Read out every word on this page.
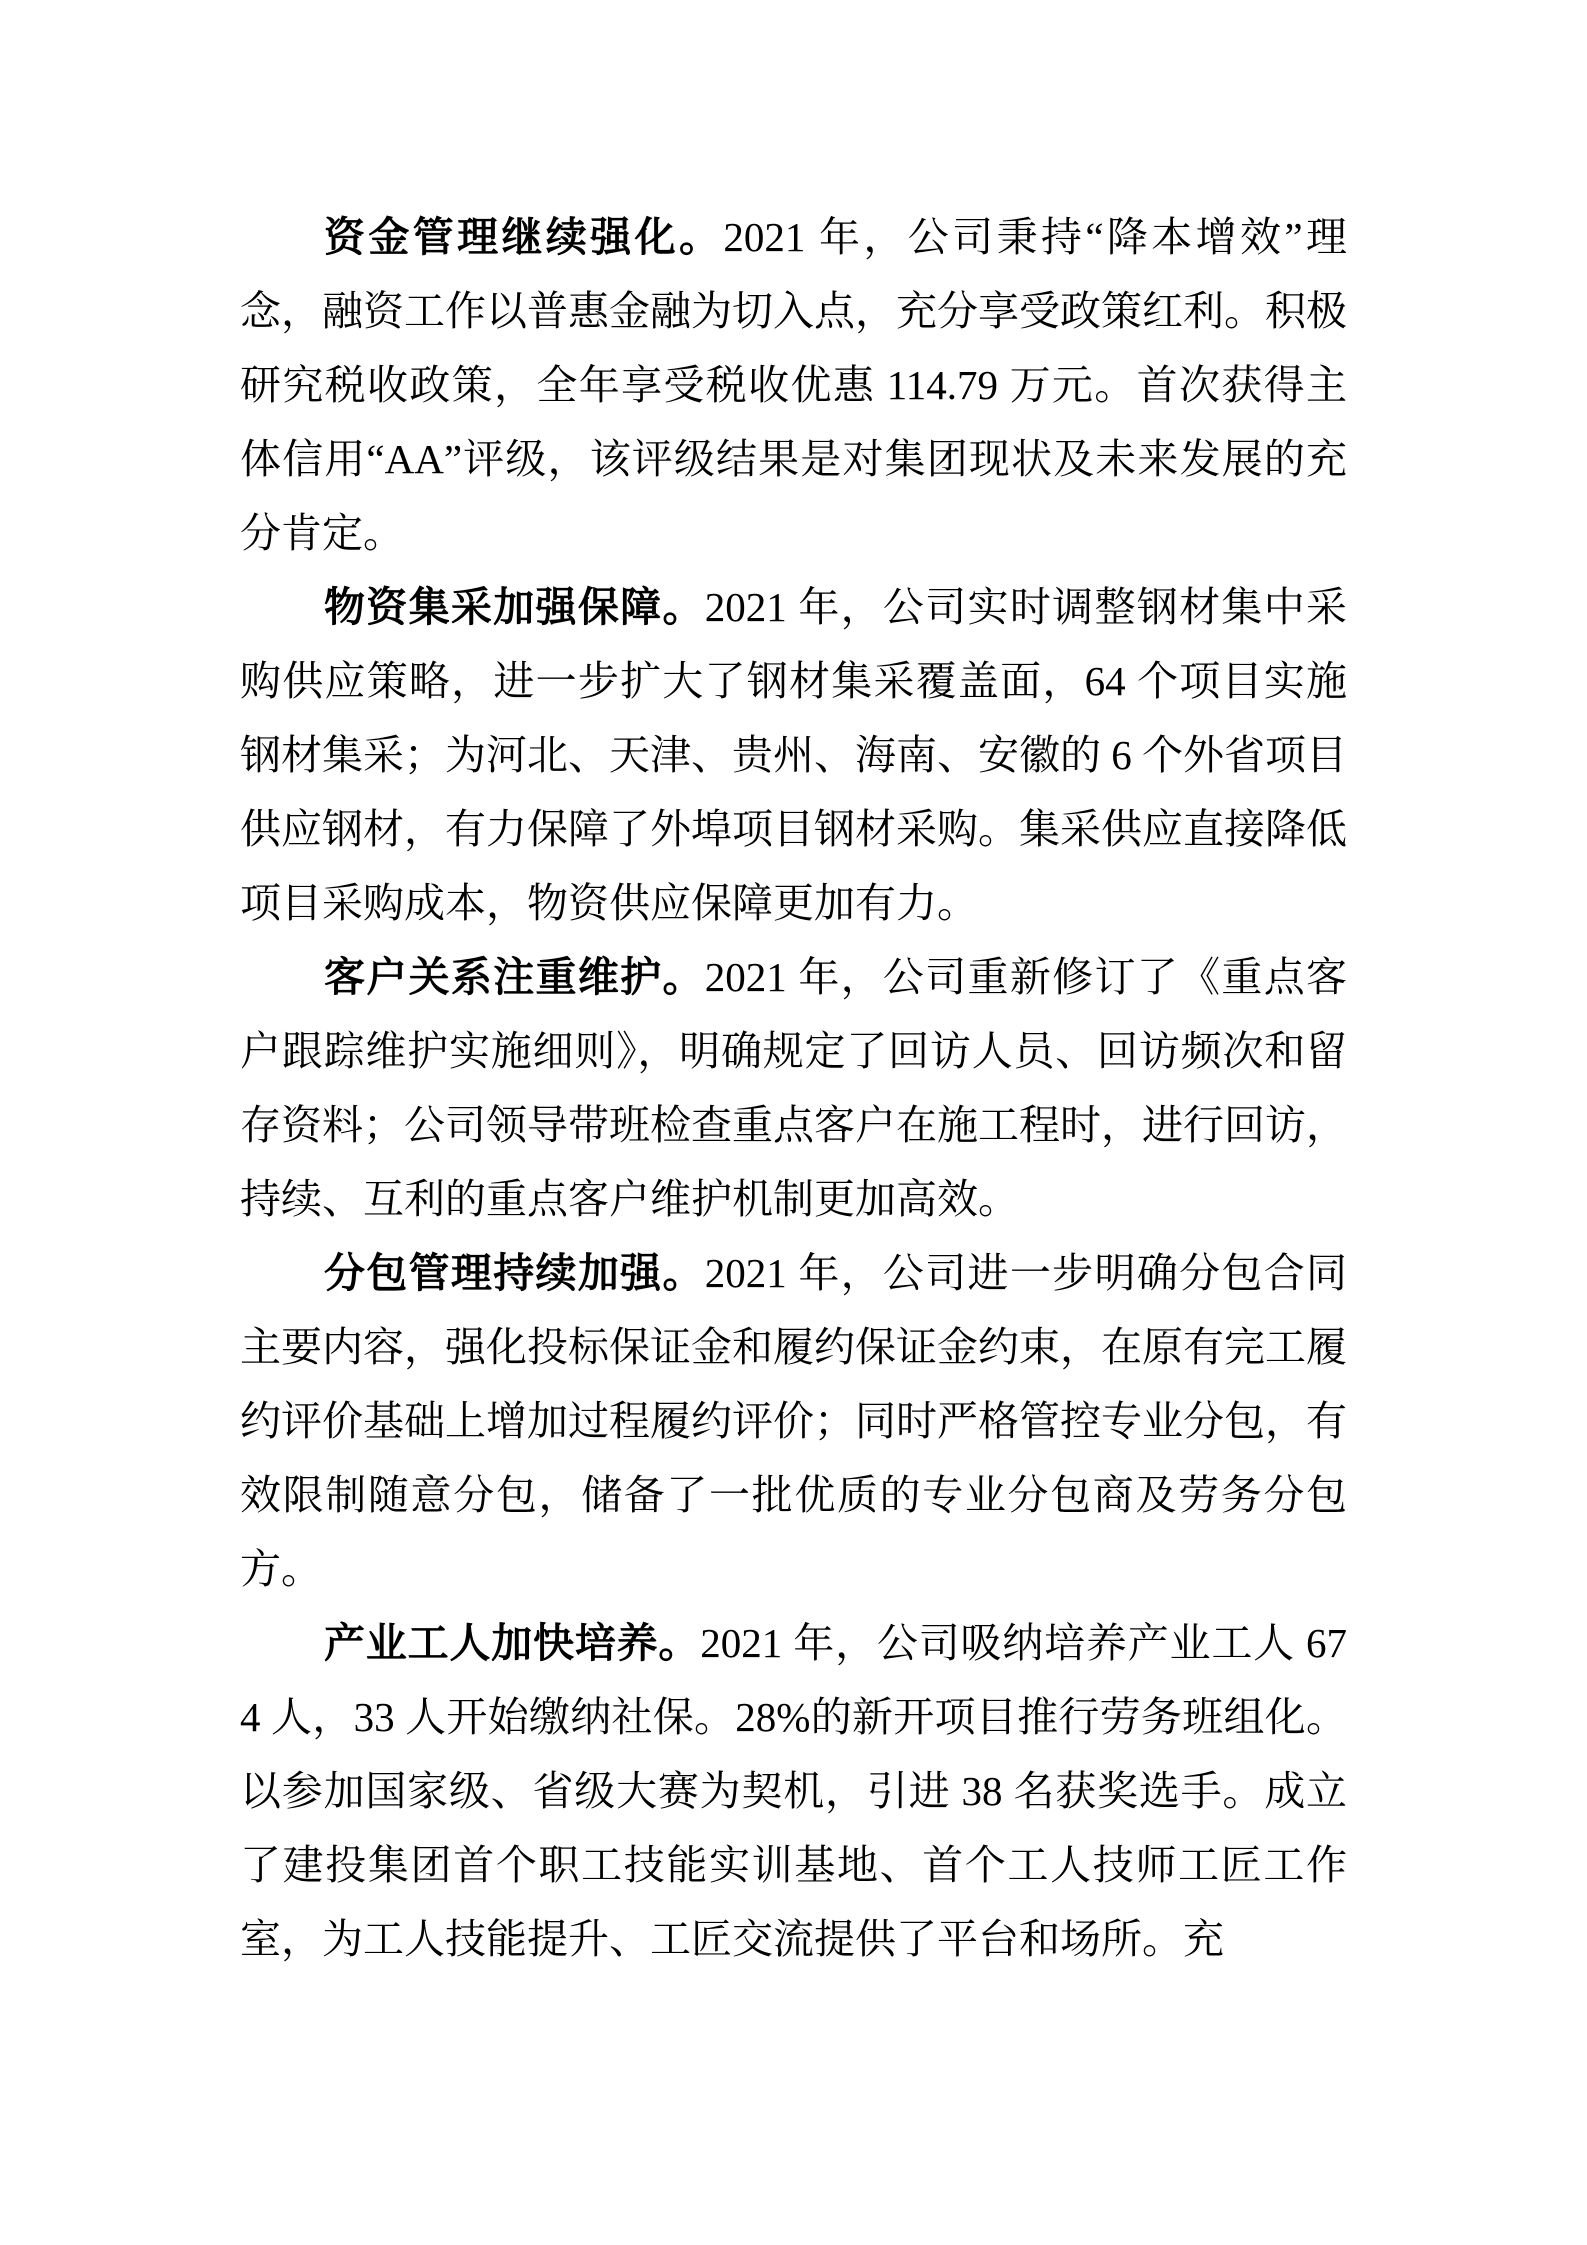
资金管理继续强化。2021 年，公司秉持“降本增效”理念，融资工作以普惠金融为切入点，充分享受政策红利。积极研究税收政策，全年享受税收优惠 114.79 万元。首次获得主体信用“AA”评级，该评级结果是对集团现状及未来发展的充分肯定。

物资集采加强保障。2021 年，公司实时调整钢材集中采购供应策略，进一步扩大了钢材集采覆盖面，64 个项目实施钢材集采；为河北、天津、贵州、海南、安徽的 6 个外省项目供应钢材，有力保障了外埠项目钢材采购。集采供应直接降低项目采购成本，物资供应保障更加有力。

客户关系注重维护。2021 年，公司重新修订了《重点客户跟踪维护实施细则》，明确规定了回访人员、回访频次和留存资料；公司领导带班检查重点客户在施工程时，进行回访，持续、互利的重点客户维护机制更加高效。

分包管理持续加强。2021 年，公司进一步明确分包合同主要内容，强化投标保证金和履约保证金约束，在原有完工履约评价基础上增加过程履约评价；同时严格管控专业分包，有效限制随意分包，储备了一批优质的专业分包商及劳务分包方。

产业工人加快培养。2021 年，公司吸纳培养产业工人 674 人，33 人开始缴纳社保。28%的新开项目推行劳务班组化。以参加国家级、省级大赛为契机，引进 38 名获奖选手。成立了建投集团首个职工技能实训基地、首个工人技师工匠工作室，为工人技能提升、工匠交流提供了平台和场所。充
